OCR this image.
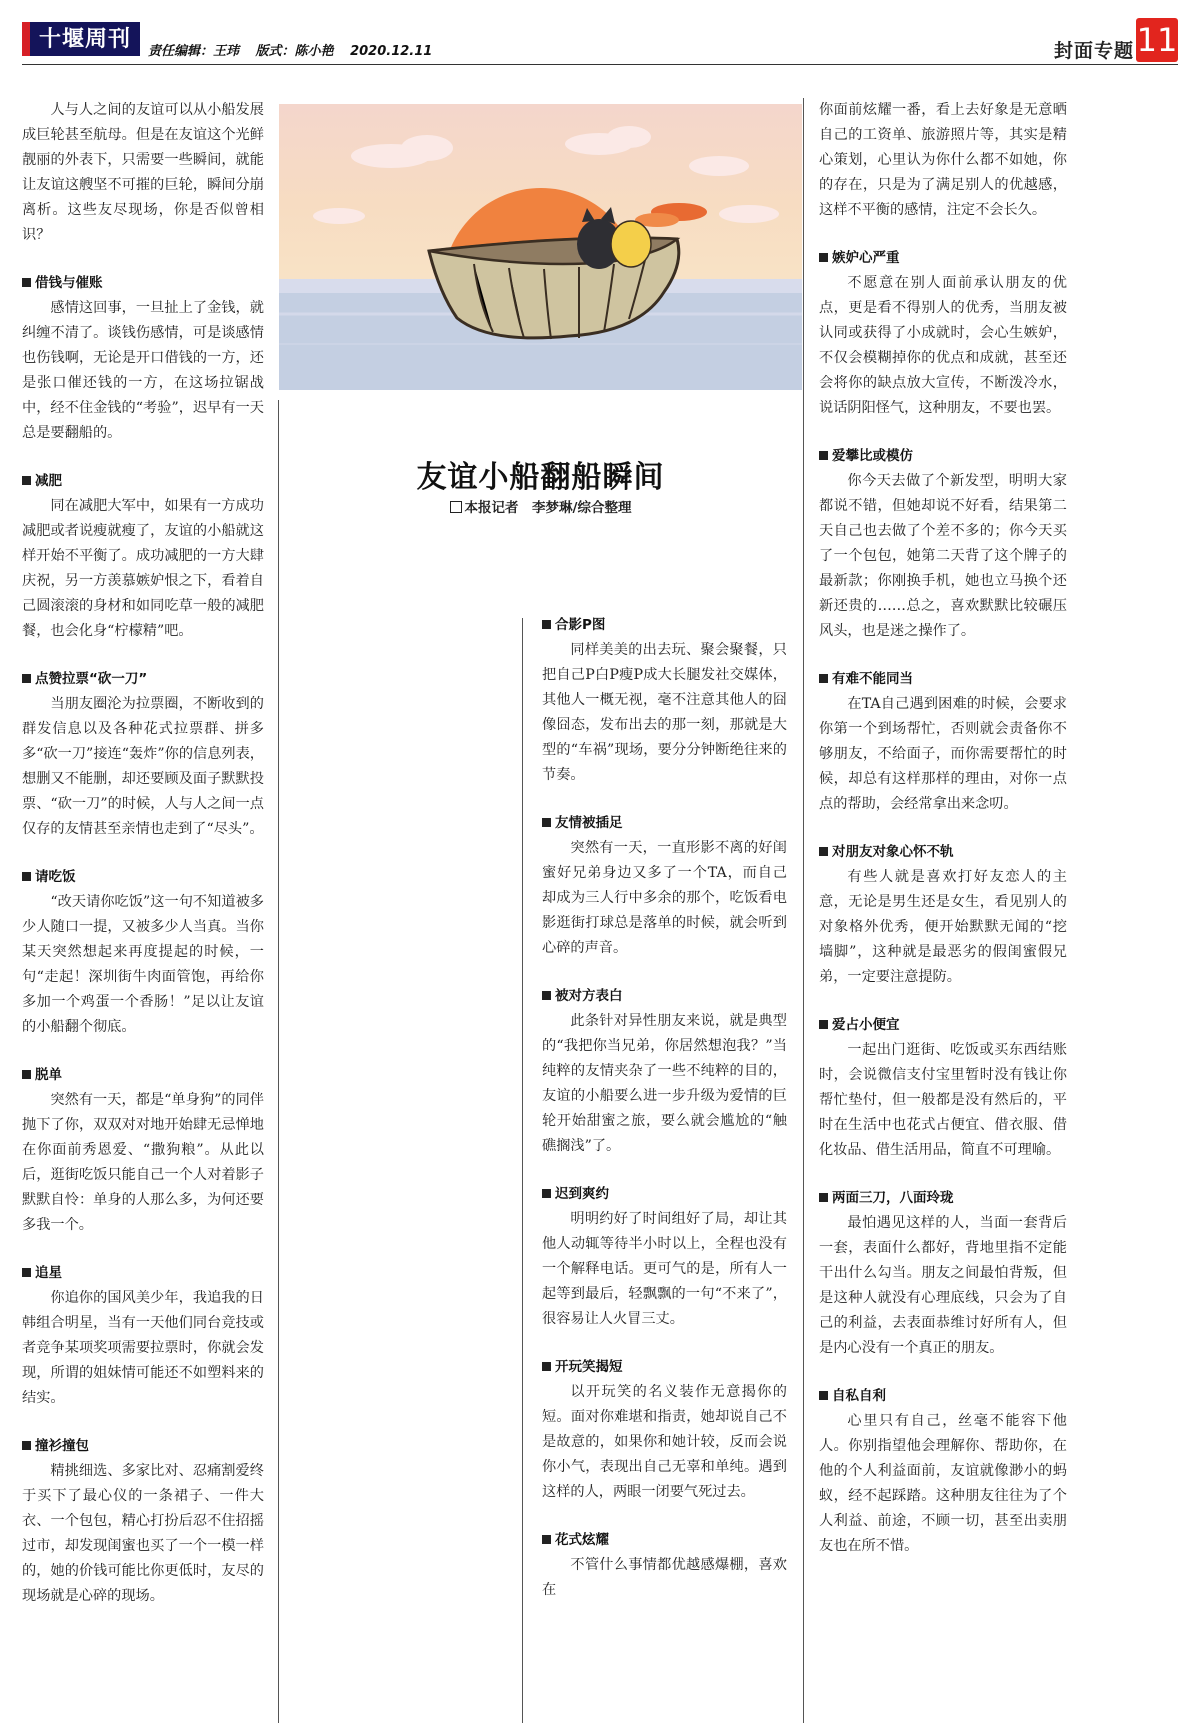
十堰周刊	责任编辑：王玮 版式：陈小艳 2020.12.11	封面专题 11
友谊小船翻船瞬间
本报记者　李梦琳/综合整理

人与人之间的友谊可以从小船发展成巨轮甚至航母。但是在友谊这个光鲜靓丽的外表下，只需要一些瞬间，就能让友谊这艘坚不可摧的巨轮，瞬间分崩离析。这些友尽现场，你是否似曾相识？

借钱与催账

感情这回事，一旦扯上了金钱，就纠缠不清了。谈钱伤感情，可是谈感情也伤钱啊，无论是开口借钱的一方，还是张口催还钱的一方，在这场拉锯战中，经不住金钱的“考验”，迟早有一天总是要翻船的。

减肥

同在减肥大军中，如果有一方成功减肥或者说瘦就瘦了，友谊的小船就这样开始不平衡了。成功减肥的一方大肆庆祝，另一方羡慕嫉妒恨之下，看着自己圆滚滚的身材和如同吃草一般的减肥餐，也会化身“柠檬精”吧。

点赞拉票“砍一刀”

当朋友圈沦为拉票圈，不断收到的群发信息以及各种花式拉票群、拼多多“砍一刀”接连“轰炸”你的信息列表，想删又不能删，却还要顾及面子默默投票、“砍一刀”的时候，人与人之间一点仅存的友情甚至亲情也走到了“尽头”。

请吃饭

“改天请你吃饭”这一句不知道被多少人随口一提，又被多少人当真。当你某天突然想起来再度提起的时候，一句“走起！深圳街牛肉面管饱，再给你多加一个鸡蛋一个香肠！”足以让友谊的小船翻个彻底。

脱单

突然有一天，都是“单身狗”的同伴抛下了你，双双对对地开始肆无忌惮地在你面前秀恩爱、“撒狗粮”。从此以后，逛街吃饭只能自己一个人对着影子默默自怜：单身的人那么多，为何还要多我一个。

追星

你追你的国风美少年，我追我的日韩组合明星，当有一天他们同台竞技或者竞争某项奖项需要拉票时，你就会发现，所谓的姐妹情可能还不如塑料来的结实。

撞衫撞包

精挑细选、多家比对、忍痛割爱终于买下了最心仪的一条裙子、一件大衣、一个包包，精心打扮后忍不住招摇过市，却发现闺蜜也买了一个一模一样的，她的价钱可能比你更低时，友尽的现场就是心碎的现场。

合影P图

同样美美的出去玩、聚会聚餐，只把自己P白P瘦P成大长腿发社交媒体，其他人一概无视，毫不注意其他人的囧像囧态，发布出去的那一刻，那就是大型的“车祸”现场，要分分钟断绝往来的节奏。

友情被插足

突然有一天，一直形影不离的好闺蜜好兄弟身边又多了一个TA，而自己却成为三人行中多余的那个，吃饭看电影逛街打球总是落单的时候，就会听到心碎的声音。

被对方表白

此条针对异性朋友来说，就是典型的“我把你当兄弟，你居然想泡我？”当纯粹的友情夹杂了一些不纯粹的目的，友谊的小船要么进一步升级为爱情的巨轮开始甜蜜之旅，要么就会尴尬的“触礁搁浅”了。

迟到爽约

明明约好了时间组好了局，却让其他人动辄等待半小时以上，全程也没有一个解释电话。更可气的是，所有人一起等到最后，轻飘飘的一句“不来了”，很容易让人火冒三丈。

开玩笑揭短

以开玩笑的名义装作无意揭你的短。面对你难堪和指责，她却说自己不是故意的，如果你和她计较，反而会说你小气，表现出自己无辜和单纯。遇到这样的人，两眼一闭要气死过去。

花式炫耀

不管什么事情都优越感爆棚，喜欢在

你面前炫耀一番，看上去好象是无意晒自己的工资单、旅游照片等，其实是精心策划，心里认为你什么都不如她，你的存在，只是为了满足别人的优越感，这样不平衡的感情，注定不会长久。

嫉妒心严重

不愿意在别人面前承认朋友的优点，更是看不得别人的优秀，当朋友被认同或获得了小成就时，会心生嫉妒，不仅会模糊掉你的优点和成就，甚至还会将你的缺点放大宣传，不断泼冷水，说话阴阳怪气，这种朋友，不要也罢。

爱攀比或模仿

你今天去做了个新发型，明明大家都说不错，但她却说不好看，结果第二天自己也去做了个差不多的；你今天买了一个包包，她第二天背了这个牌子的最新款；你刚换手机，她也立马换个还新还贵的……总之，喜欢默默比较碾压风头，也是迷之操作了。

有难不能同当

在TA自己遇到困难的时候，会要求你第一个到场帮忙，否则就会责备你不够朋友，不给面子，而你需要帮忙的时候，却总有这样那样的理由，对你一点点的帮助，会经常拿出来念叨。

对朋友对象心怀不轨

有些人就是喜欢打好友恋人的主意，无论是男生还是女生，看见别人的对象格外优秀，便开始默默无闻的“挖墙脚”，这种就是最恶劣的假闺蜜假兄弟，一定要注意提防。

爱占小便宜

一起出门逛街、吃饭或买东西结账时，会说微信支付宝里暂时没有钱让你帮忙垫付，但一般都是没有然后的，平时在生活中也花式占便宜、借衣服、借化妆品、借生活用品，简直不可理喻。

两面三刀，八面玲珑

最怕遇见这样的人，当面一套背后一套，表面什么都好，背地里指不定能干出什么勾当。朋友之间最怕背叛，但是这种人就没有心理底线，只会为了自己的利益，去表面恭维讨好所有人，但是内心没有一个真正的朋友。

自私自利

心里只有自己，丝毫不能容下他人。你别指望他会理解你、帮助你，在他的个人利益面前，友谊就像渺小的蚂蚁，经不起踩踏。这种朋友往往为了个人利益、前途，不顾一切，甚至出卖朋友也在所不惜。
